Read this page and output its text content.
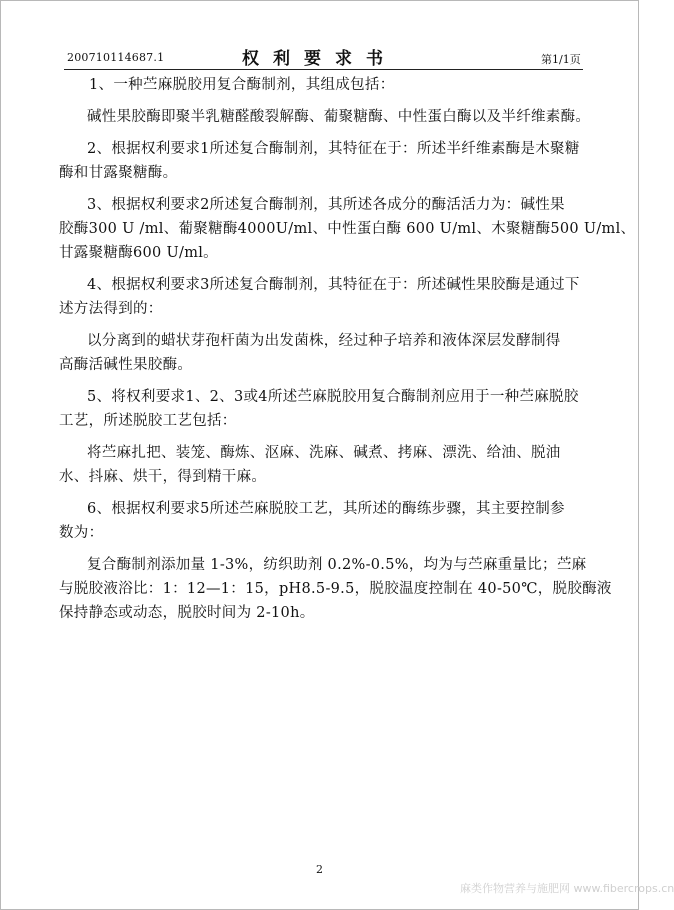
200710114687.1	权利要求书	第1/1页
1、一种苎麻脱胶用复合酶制剂，其组成包括：
碱性果胶酶即聚半乳糖醛酸裂解酶、葡聚糖酶、中性蛋白酶以及半纤维素酶。
2、根据权利要求1所述复合酶制剂，其特征在于：所述半纤维素酶是木聚糖
酶和甘露聚糖酶。
3、根据权利要求2所述复合酶制剂，其所述各成分的酶活活力为：碱性果
胶酶300 U /ml、葡聚糖酶4000U/ml、中性蛋白酶 600 U/ml、木聚糖酶500 U/ml、
甘露聚糖酶600 U/ml。
4、根据权利要求3所述复合酶制剂，其特征在于：所述碱性果胶酶是通过下
述方法得到的：
以分离到的蜡状芽孢杆菌为出发菌株，经过种子培养和液体深层发酵制得
高酶活碱性果胶酶。
5、将权利要求1、2、3或4所述苎麻脱胶用复合酶制剂应用于一种苎麻脱胶
工艺，所述脱胶工艺包括：
将苎麻扎把、装笼、酶炼、沤麻、洗麻、碱煮、拷麻、漂洗、给油、脱油
水、抖麻、烘干，得到精干麻。
6、根据权利要求5所述苎麻脱胶工艺，其所述的酶练步骤，其主要控制参
数为：
复合酶制剂添加量 1-3%，纺织助剂 0.2%-0.5%，均为与苎麻重量比；苎麻
与脱胶液浴比：1：12—1：15，pH8.5-9.5，脱胶温度控制在 40-50℃，脱胶酶液
保持静态或动态，脱胶时间为 2-10h。
2
麻类作物营养与施肥网 www.fibercrops.cn
